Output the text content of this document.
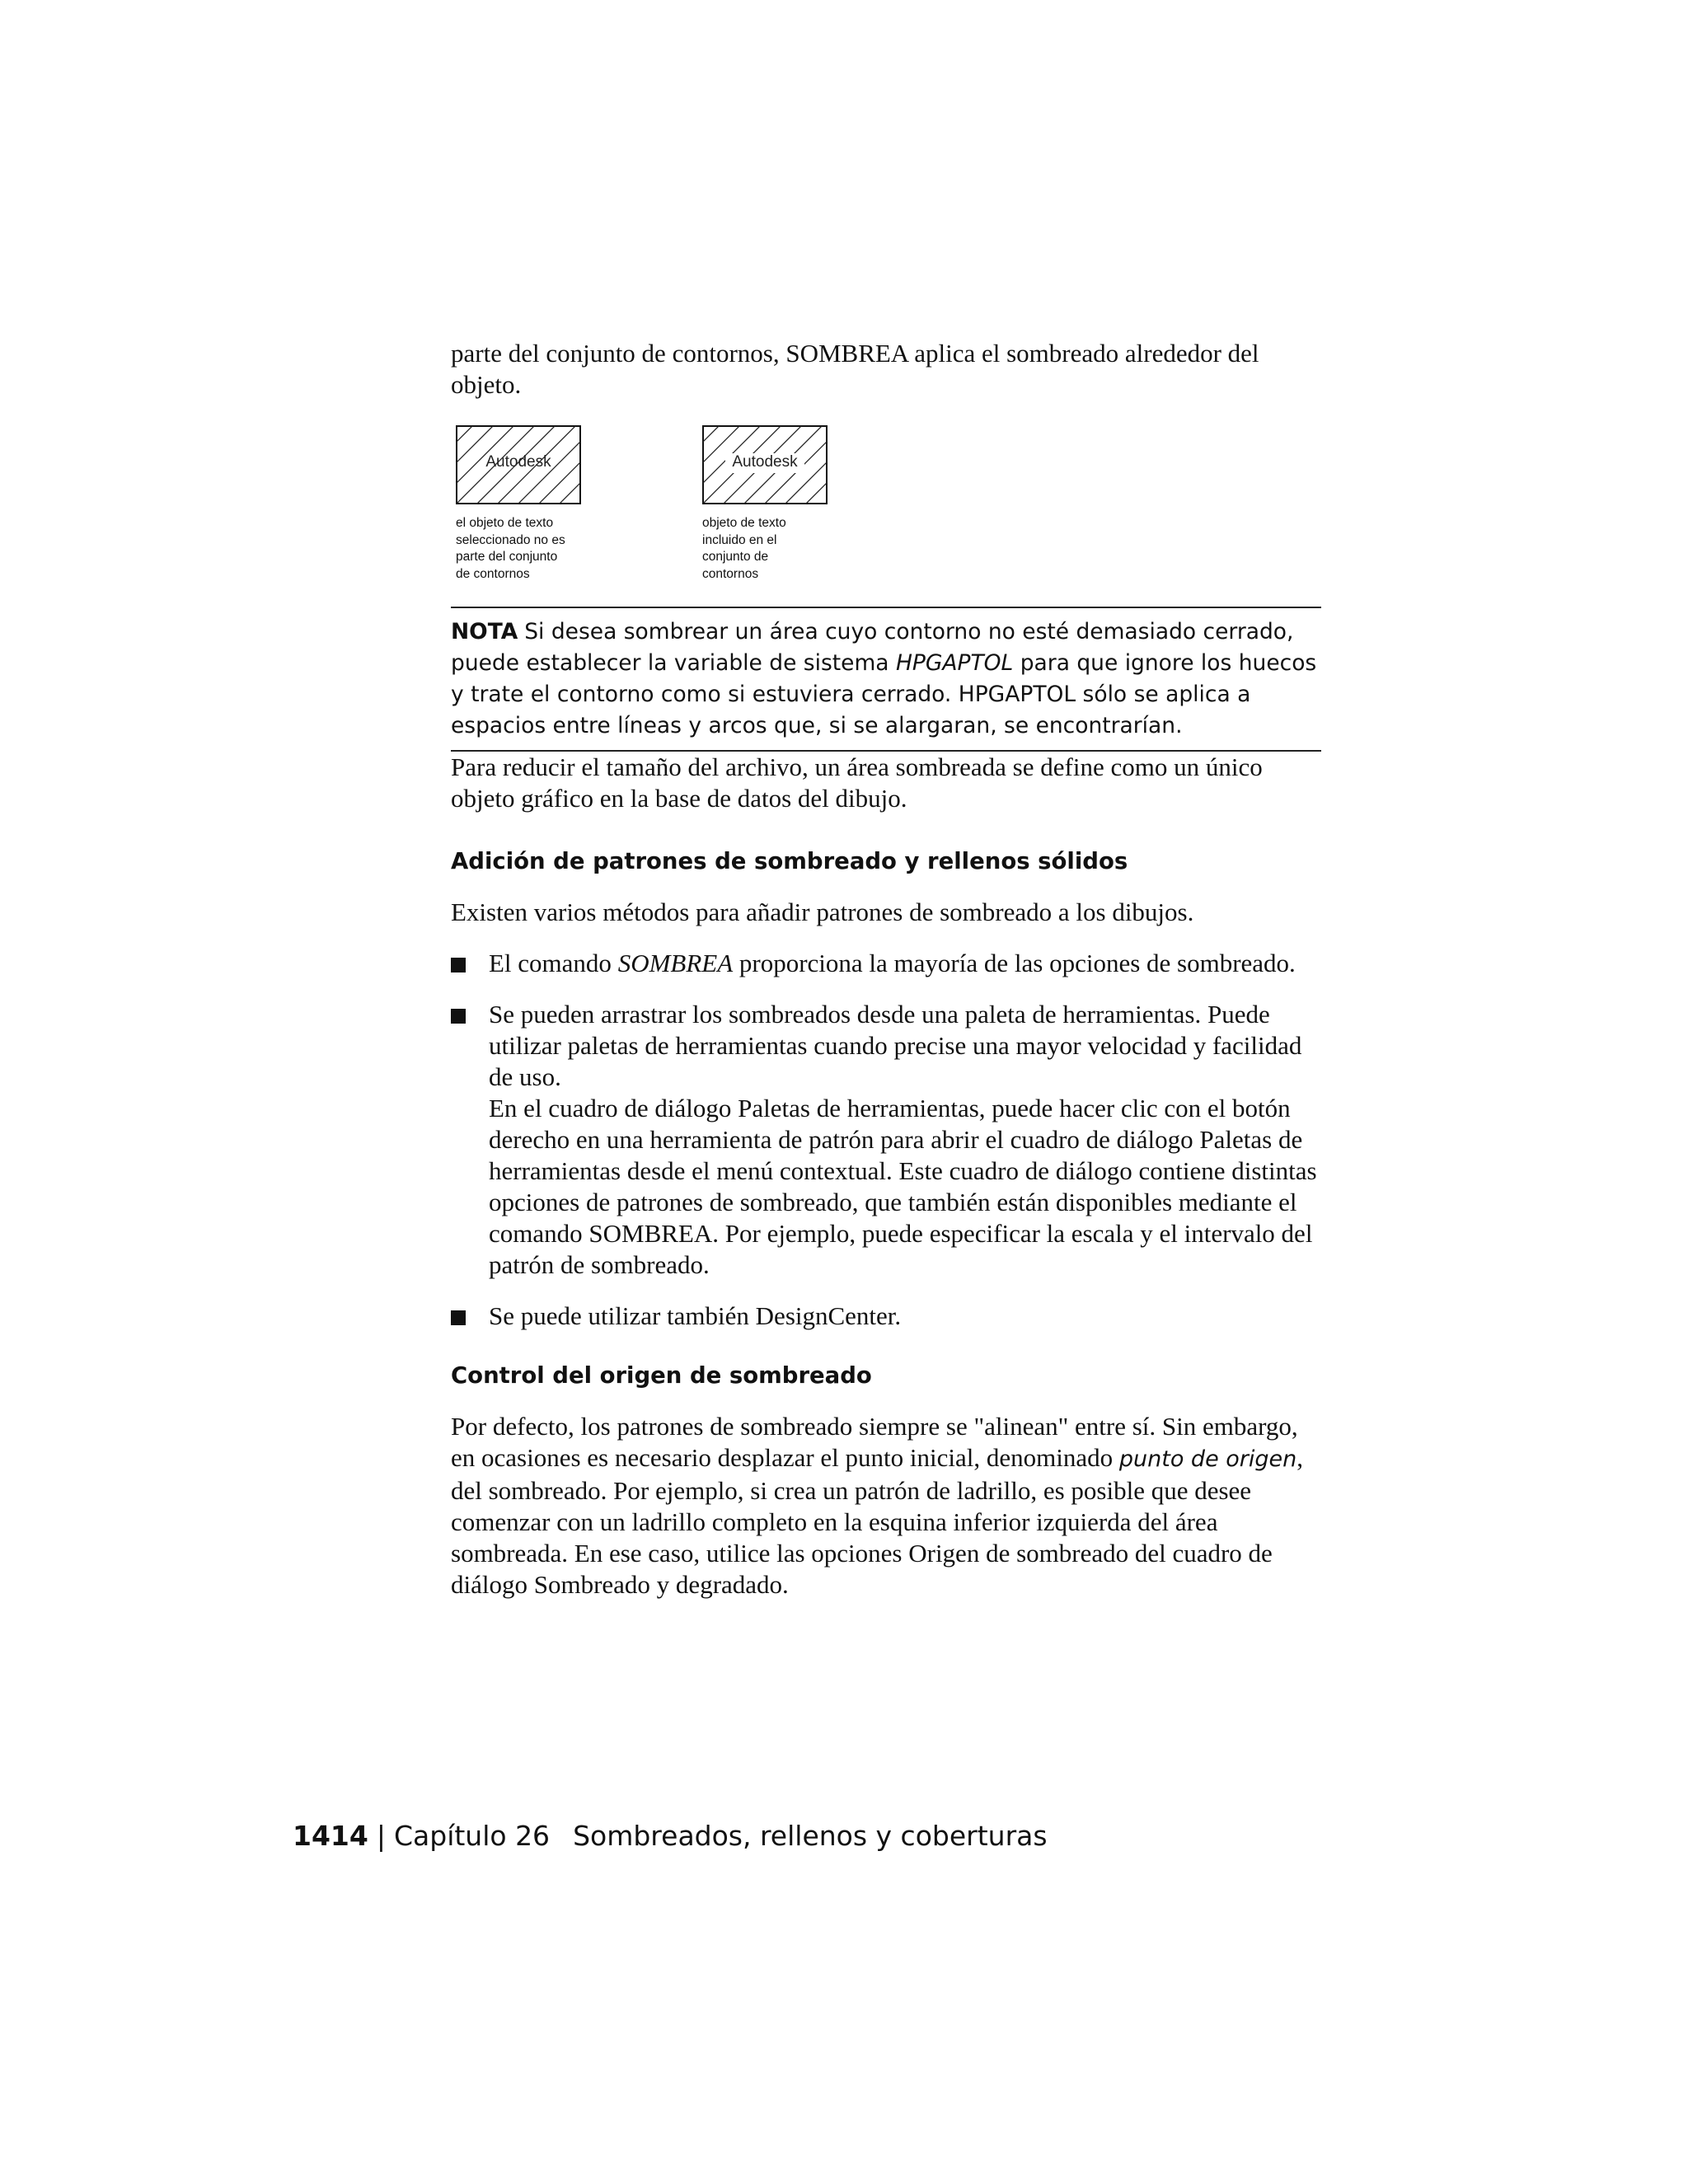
parte del conjunto de contornos, SOMBREA aplica el sombreado alrededor del objeto.

Autodesk
el objeto de texto
seleccionado no es
parte del conjunto
de contornos
Autodesk
objeto de texto
incluido en el
conjunto de
contornos
NOTA Si desea sombrear un área cuyo contorno no esté demasiado cerrado, puede establecer la variable de sistema HPGAPTOL para que ignore los huecos y trate el contorno como si estuviera cerrado. HPGAPTOL sólo se aplica a espacios entre líneas y arcos que, si se alargaran, se encontrarían.

Para reducir el tamaño del archivo, un área sombreada se define como un único objeto gráfico en la base de datos del dibujo.

Adición de patrones de sombreado y rellenos sólidos

Existen varios métodos para añadir patrones de sombreado a los dibujos.

El comando SOMBREA proporciona la mayoría de las opciones de sombreado.
Se pueden arrastrar los sombreados desde una paleta de herramientas. Puede utilizar paletas de herramientas cuando precise una mayor velocidad y facilidad de uso.
En el cuadro de diálogo Paletas de herramientas, puede hacer clic con el botón derecho en una herramienta de patrón para abrir el cuadro de diálogo Paletas de herramientas desde el menú contextual. Este cuadro de diálogo contiene distintas opciones de patrones de sombreado, que también están disponibles mediante el comando SOMBREA. Por ejemplo, puede especificar la escala y el intervalo del patrón de sombreado.
Se puede utilizar también DesignCenter.
Control del origen de sombreado

Por defecto, los patrones de sombreado siempre se "alinean" entre sí. Sin embargo, en ocasiones es necesario desplazar el punto inicial, denominado punto de origen, del sombreado. Por ejemplo, si crea un patrón de ladrillo, es posible que desee comenzar con un ladrillo completo en la esquina inferior izquierda del área sombreada. En ese caso, utilice las opciones Origen de sombreado del cuadro de diálogo Sombreado y degradado.

1414 | Capítulo 26 Sombreados, rellenos y coberturas
